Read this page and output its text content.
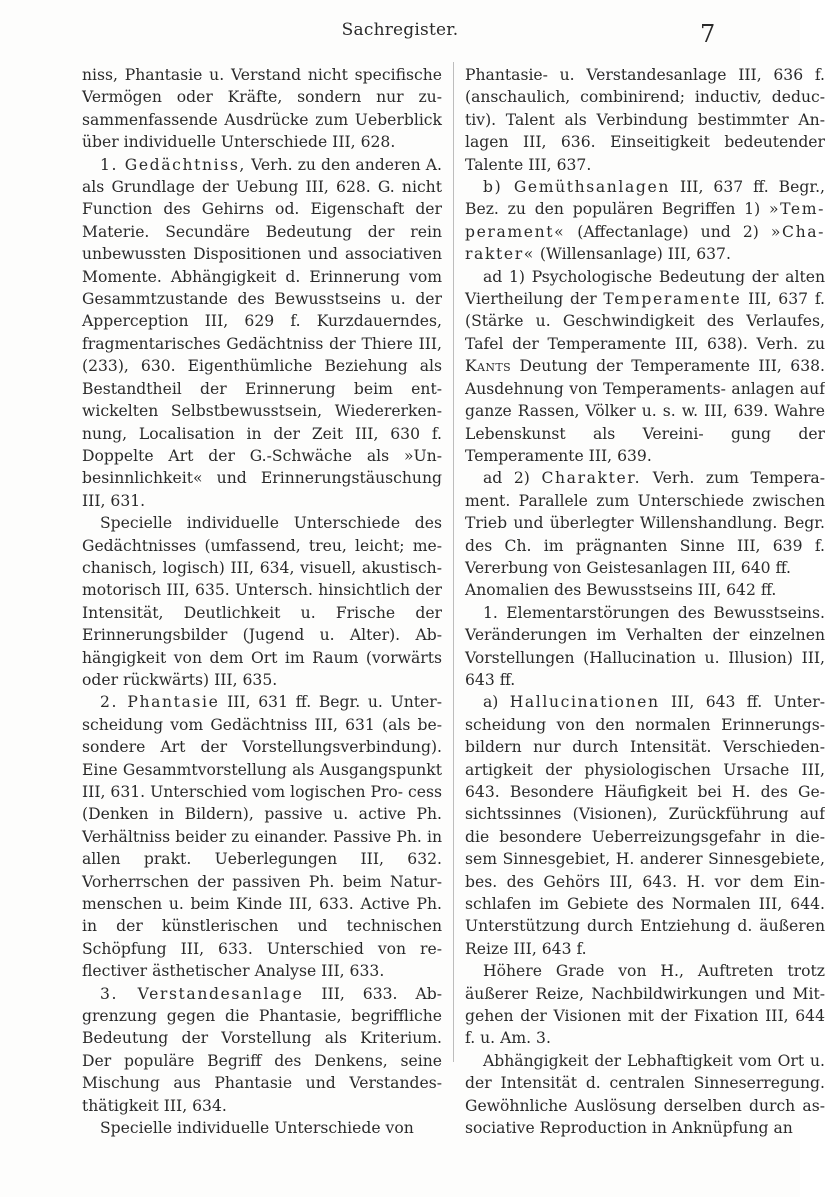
Sachregister.	7

niss, Phantasie u. Verstand nicht specifische Vermögen oder Kräfte, sondern nur zu- sammenfassende Ausdrücke zum Ueberblick über individuelle Unterschiede III, 628.

1. Gedächtniss, Verh. zu den anderen A. als Grundlage der Uebung III, 628. G. nicht Function des Gehirns od. Eigenschaft der Materie. Secundäre Bedeutung der rein unbewussten Dispositionen und associativen Momente. Abhängigkeit d. Erinnerung vom Gesammtzustande des Bewusstseins u. der Apperception III, 629 f. Kurzdauerndes, fragmentarisches Gedächtniss der Thiere III, (233), 630. Eigenthümliche Beziehung als Bestandtheil der Erinnerung beim ent- wickelten Selbstbewusstsein, Wiedererken- nung, Localisation in der Zeit III, 630 f. Doppelte Art der G.-Schwäche als »Un- besinnlichkeit« und Erinnerungstäuschung III, 631.

Specielle individuelle Unterschiede des Gedächtnisses (umfassend, treu, leicht; me- chanisch, logisch) III, 634, visuell, akustisch- motorisch III, 635. Untersch. hinsichtlich der Intensität, Deutlichkeit u. Frische der Erinnerungsbilder (Jugend u. Alter). Ab- hängigkeit von dem Ort im Raum (vorwärts oder rückwärts) III, 635.

2. Phantasie III, 631 ff. Begr. u. Unter- scheidung vom Gedächtniss III, 631 (als be- sondere Art der Vorstellungsverbindung). Eine Gesammtvorstellung als Ausgangspunkt III, 631. Unterschied vom logischen Pro- cess (Denken in Bildern), passive u. active Ph. Verhältniss beider zu einander. Passive Ph. in allen prakt. Ueberlegungen III, 632. Vorherrschen der passiven Ph. beim Natur- menschen u. beim Kinde III, 633. Active Ph. in der künstlerischen und technischen Schöpfung III, 633. Unterschied von re- flectiver ästhetischer Analyse III, 633.

3. Verstandesanlage III, 633. Ab- grenzung gegen die Phantasie, begriffliche Bedeutung der Vorstellung als Kriterium. Der populäre Begriff des Denkens, seine Mischung aus Phantasie und Verstandes- thätigkeit III, 634.

Specielle individuelle Unterschiede von

Phantasie- u. Verstandesanlage III, 636 f. (anschaulich, combinirend; inductiv, deduc- tiv). Talent als Verbindung bestimmter An- lagen III, 636. Einseitigkeit bedeutender Talente III, 637.

b) Gemüthsanlagen III, 637 ff. Begr., Bez. zu den populären Begriffen 1) »Tem- perament« (Affectanlage) und 2) »Cha- rakter« (Willensanlage) III, 637.

ad 1) Psychologische Bedeutung der alten Viertheilung der Temperamente III, 637 f. (Stärke u. Geschwindigkeit des Verlaufes, Tafel der Temperamente III, 638). Verh. zu Kants Deutung der Temperamente III, 638. Ausdehnung von Temperaments- anlagen auf ganze Rassen, Völker u. s. w. III, 639. Wahre Lebenskunst als Vereini- gung der Temperamente III, 639.

ad 2) Charakter. Verh. zum Tempera- ment. Parallele zum Unterschiede zwischen Trieb und überlegter Willenshandlung. Begr. des Ch. im prägnanten Sinne III, 639 f. Vererbung von Geistesanlagen III, 640 ff.

Anomalien des Bewusstseins III, 642 ff.

1. Elementarstörungen des Bewusstseins. Veränderungen im Verhalten der einzelnen Vorstellungen (Hallucination u. Illusion) III, 643 ff.

a) Hallucinationen III, 643 ff. Unter- scheidung von den normalen Erinnerungs- bildern nur durch Intensität. Verschieden- artigkeit der physiologischen Ursache III, 643. Besondere Häufigkeit bei H. des Ge- sichtssinnes (Visionen), Zurückführung auf die besondere Ueberreizungsgefahr in die- sem Sinnesgebiet, H. anderer Sinnesgebiete, bes. des Gehörs III, 643. H. vor dem Ein- schlafen im Gebiete des Normalen III, 644. Unterstützung durch Entziehung d. äußeren Reize III, 643 f.

Höhere Grade von H., Auftreten trotz äußerer Reize, Nachbildwirkungen und Mit- gehen der Visionen mit der Fixation III, 644 f. u. Am. 3.

Abhängigkeit der Lebhaftigkeit vom Ort u. der Intensität d. centralen Sinneserregung. Gewöhnliche Auslösung derselben durch as- sociative Reproduction in Anknüpfung an
